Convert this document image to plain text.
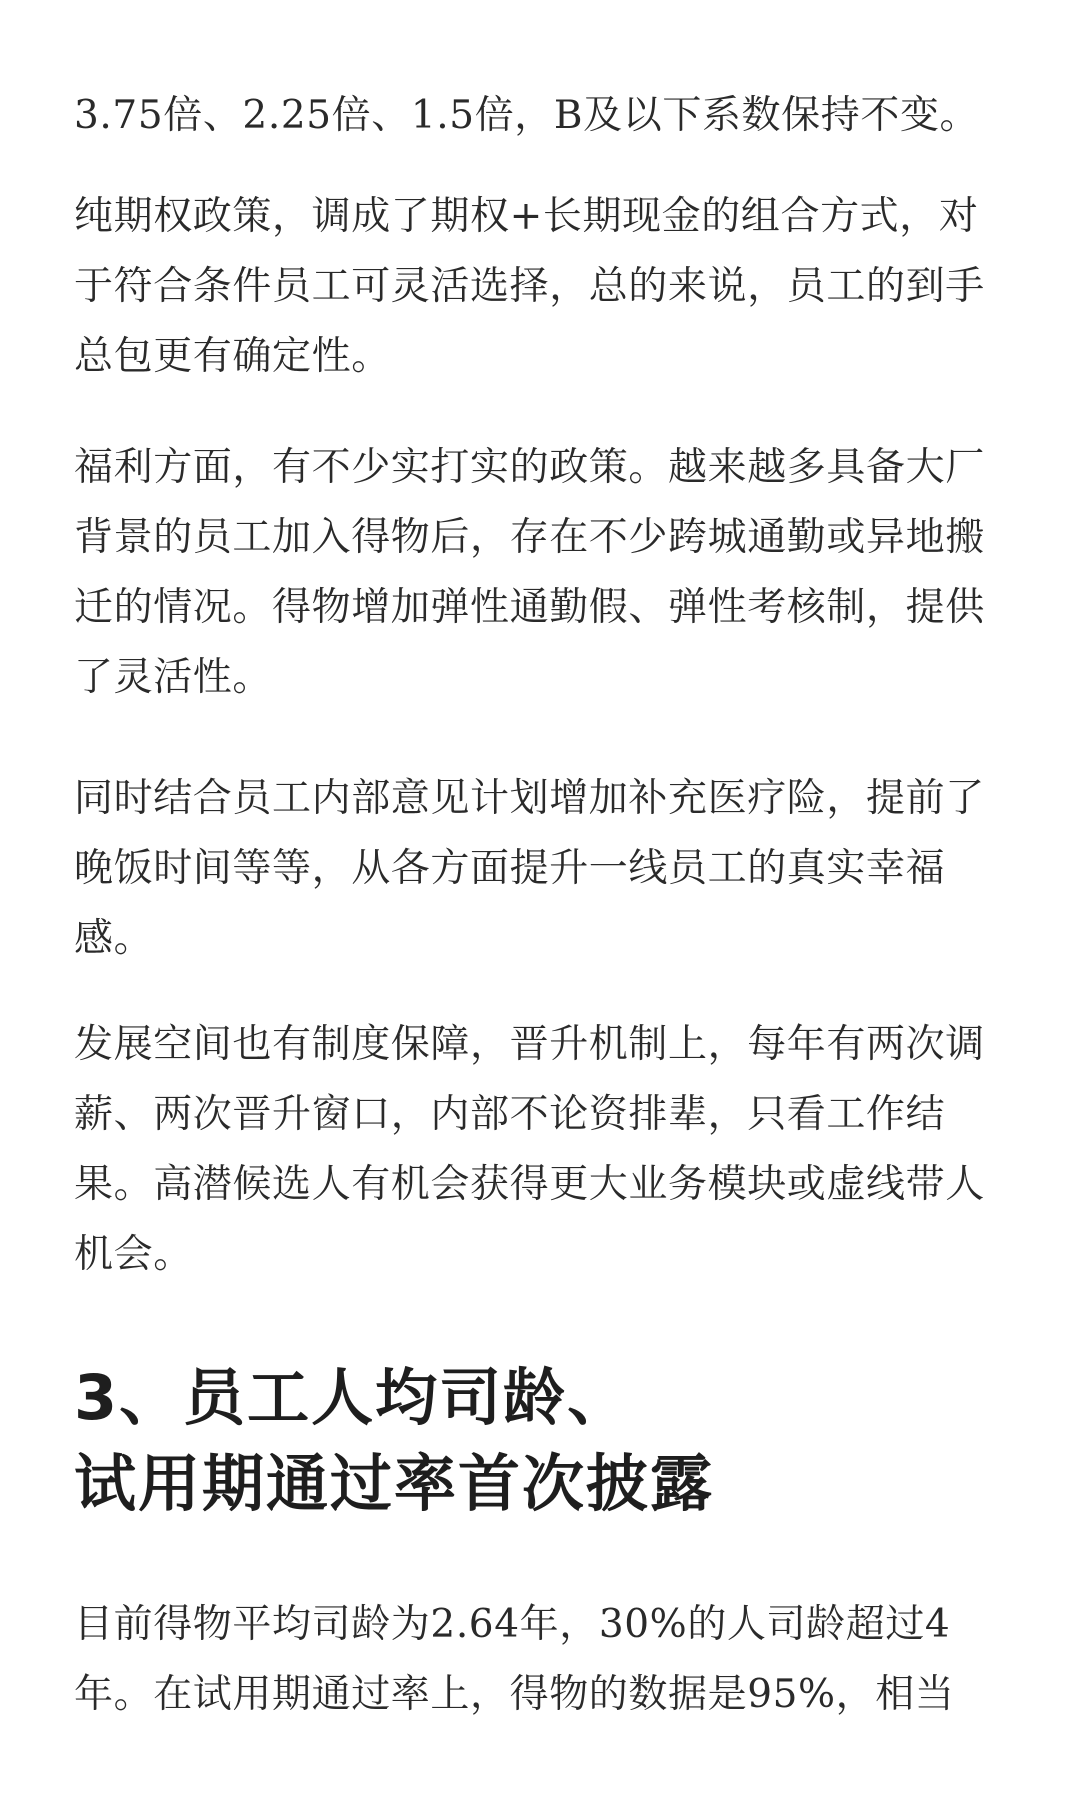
3.75倍、2.25倍、1.5倍，B及以下系数保持不变。

纯期权政策，调成了期权+长期现金的组合方式，对于符合条件员工可灵活选择，总的来说，员工的到手总包更有确定性。

福利方面，有不少实打实的政策。越来越多具备大厂背景的员工加入得物后，存在不少跨城通勤或异地搬迁的情况。得物增加弹性通勤假、弹性考核制，提供了灵活性。

同时结合员工内部意见计划增加补充医疗险，提前了晚饭时间等等，从各方面提升一线员工的真实幸福感。

发展空间也有制度保障，晋升机制上，每年有两次调薪、两次晋升窗口，内部不论资排辈，只看工作结果。高潜候选人有机会获得更大业务模块或虚线带人机会。

3、员工人均司龄、
试用期通过率首次披露

目前得物平均司龄为2.64年，30%的人司龄超过4年。在试用期通过率上，得物的数据是95%，相当
